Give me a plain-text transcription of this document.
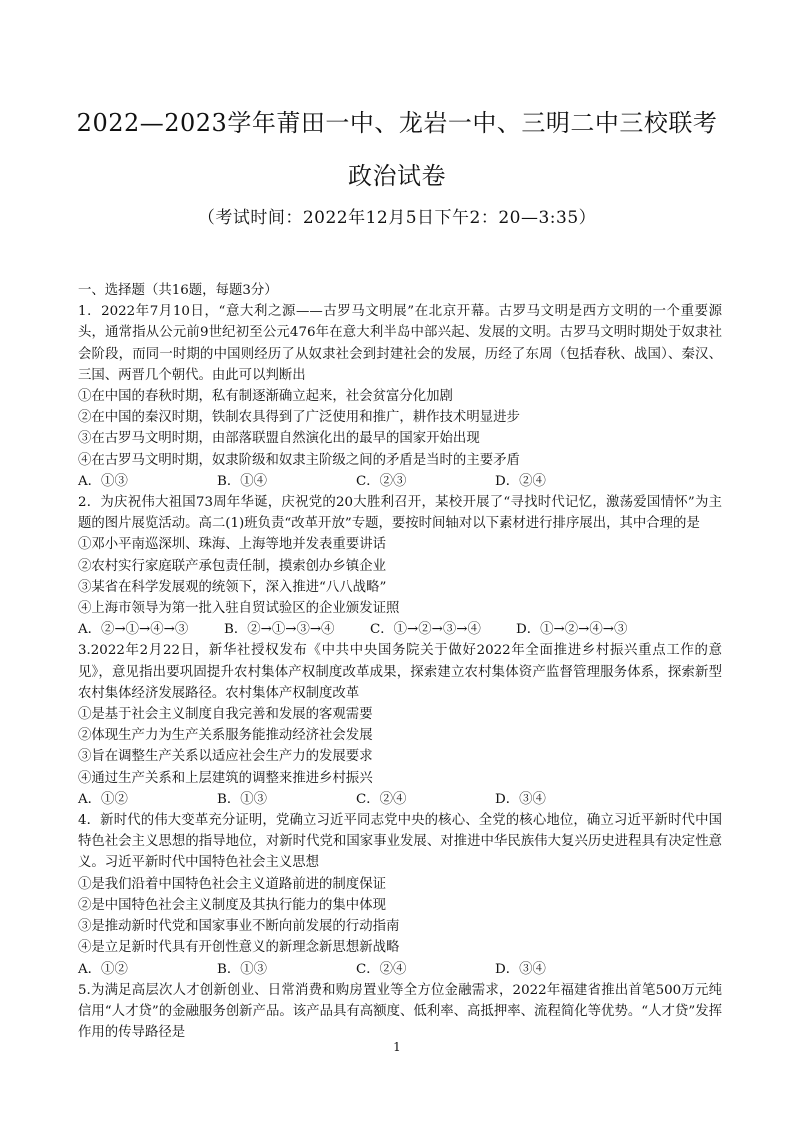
2022—2023学年莆田一中、龙岩一中、三明二中三校联考
政治试卷
（考试时间：2022年12月5日下午2：20—3:35）

一、选择题（共16题，每题3分）

1．2022年7月10日，“意大利之源——古罗马文明展”在北京开幕。古罗马文明是西方文明的一个重要源头，通常指从公元前9世纪初至公元476年在意大利半岛中部兴起、发展的文明。古罗马文明时期处于奴隶社会阶段，而同一时期的中国则经历了从奴隶社会到封建社会的发展，历经了东周（包括春秋、战国）、秦汉、三国、两晋几个朝代。由此可以判断出

①在中国的春秋时期，私有制逐渐确立起来，社会贫富分化加剧

②在中国的秦汉时期，铁制农具得到了广泛使用和推广，耕作技术明显进步

③在古罗马文明时期，由部落联盟自然演化出的最早的国家开始出现

④在古罗马文明时期，奴隶阶级和奴隶主阶级之间的矛盾是当时的主要矛盾

A．①③	B．①④	C．②③	D．②④

2．为庆祝伟大祖国73周年华诞，庆祝党的20大胜利召开，某校开展了“寻找时代记忆，激荡爱国情怀”为主题的图片展览活动。高二(1)班负责“改革开放”专题，要按时间轴对以下素材进行排序展出，其中合理的是

①邓小平南巡深圳、珠海、上海等地并发表重要讲话

②农村实行家庭联产承包责任制，摸索创办乡镇企业

③某省在科学发展观的统领下，深入推进“八八战略”

④上海市领导为第一批入驻自贸试验区的企业颁发证照

A．②→①→④→③	B．②→①→③→④	C．①→②→③→④	D．①→②→④→③

3.2022年2月22日，新华社授权发布《中共中央国务院关于做好2022年全面推进乡村振兴重点工作的意见》，意见指出要巩固提升农村集体产权制度改革成果，探索建立农村集体资产监督管理服务体系，探索新型农村集体经济发展路径。农村集体产权制度改革

①是基于社会主义制度自我完善和发展的客观需要

②体现生产力为生产关系服务能推动经济社会发展

③旨在调整生产关系以适应社会生产力的发展要求

④通过生产关系和上层建筑的调整来推进乡村振兴

A．①②	B．①③	C．②④	D．③④

4．新时代的伟大变革充分证明，党确立习近平同志党中央的核心、全党的核心地位，确立习近平新时代中国特色社会主义思想的指导地位，对新时代党和国家事业发展、对推进中华民族伟大复兴历史进程具有决定性意义。习近平新时代中国特色社会主义思想

①是我们沿着中国特色社会主义道路前进的制度保证

②是中国特色社会主义制度及其执行能力的集中体现

③是推动新时代党和国家事业不断向前发展的行动指南

④是立足新时代具有开创性意义的新理念新思想新战略

A．①②	B．①③	C．②④	D．③④

5.为满足高层次人才创新创业、日常消费和购房置业等全方位金融需求，2022年福建省推出首笔500万元纯信用“人才贷”的金融服务创新产品。该产品具有高额度、低利率、高抵押率、流程简化等优势。“人才贷”发挥作用的传导路径是

1
